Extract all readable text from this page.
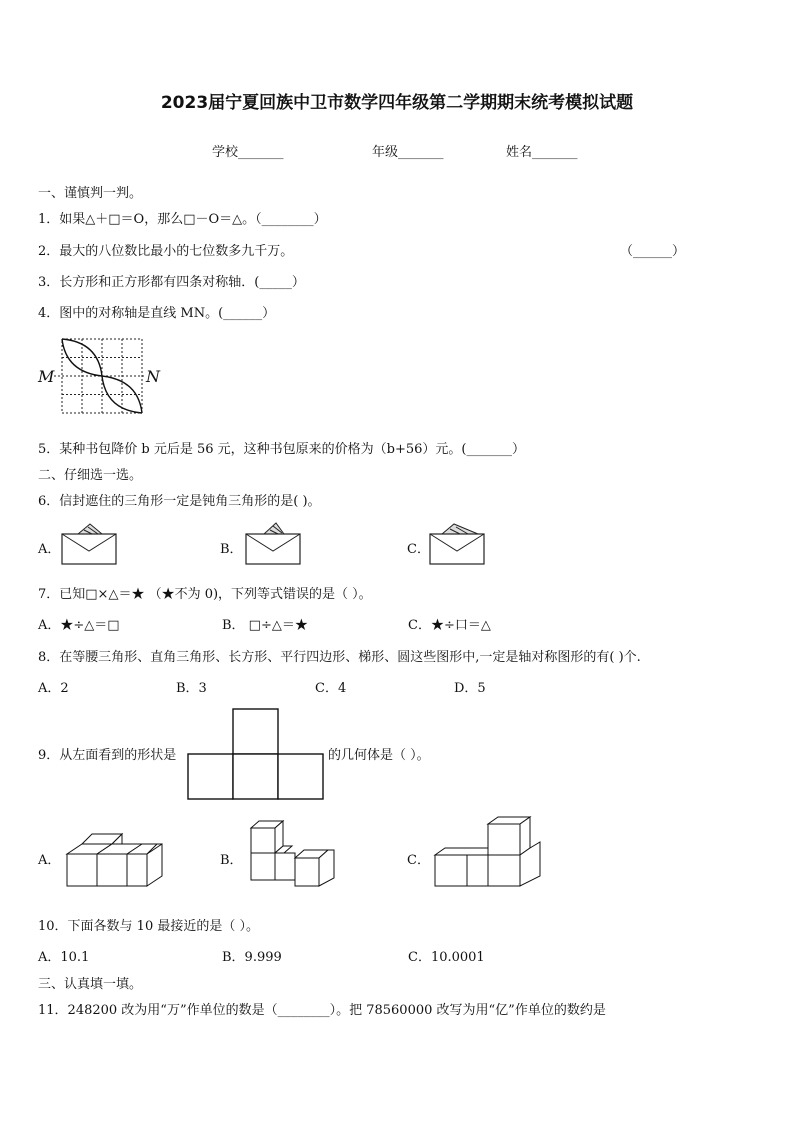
2023届宁夏回族中卫市数学四年级第二学期期末统考模拟试题
学校_______	年级_______	姓名_______
一、谨慎判一判。
1．如果△＋□＝O，那么□－O＝△。（________）
2．最大的八位数比最小的七位数多九千万。	（______）
3．长方形和正方形都有四条对称轴．(_____）
4．图中的对称轴是直线 MN。(______）
M	N
5．某种书包降价 b 元后是 56 元，这种书包原来的价格为（b+56）元。(_______）
二、仔细选一选。
6．信封遮住的三角形一定是钝角三角形的是( )。
A．	B．	C．
7．已知□×△＝★ （★不为 0)，下列等式错误的是（ ）。
A．★÷△＝□	B． □÷△＝★	C．★÷口＝△
8．在等腰三角形、直角三角形、长方形、平行四边形、梯形、圆这些图形中,一定是轴对称图形的有( )个.
A．2	B．3	C．4	D．5
9．从左面看到的形状是	的几何体是（ ）。
A．	B．	C．
10．下面各数与 10 最接近的是（ ）。
A．10.1	B．9.999	C．10.0001
三、认真填一填。
11．248200 改为用“万”作单位的数是（________）。把 78560000 改写为用“亿”作单位的数约是
